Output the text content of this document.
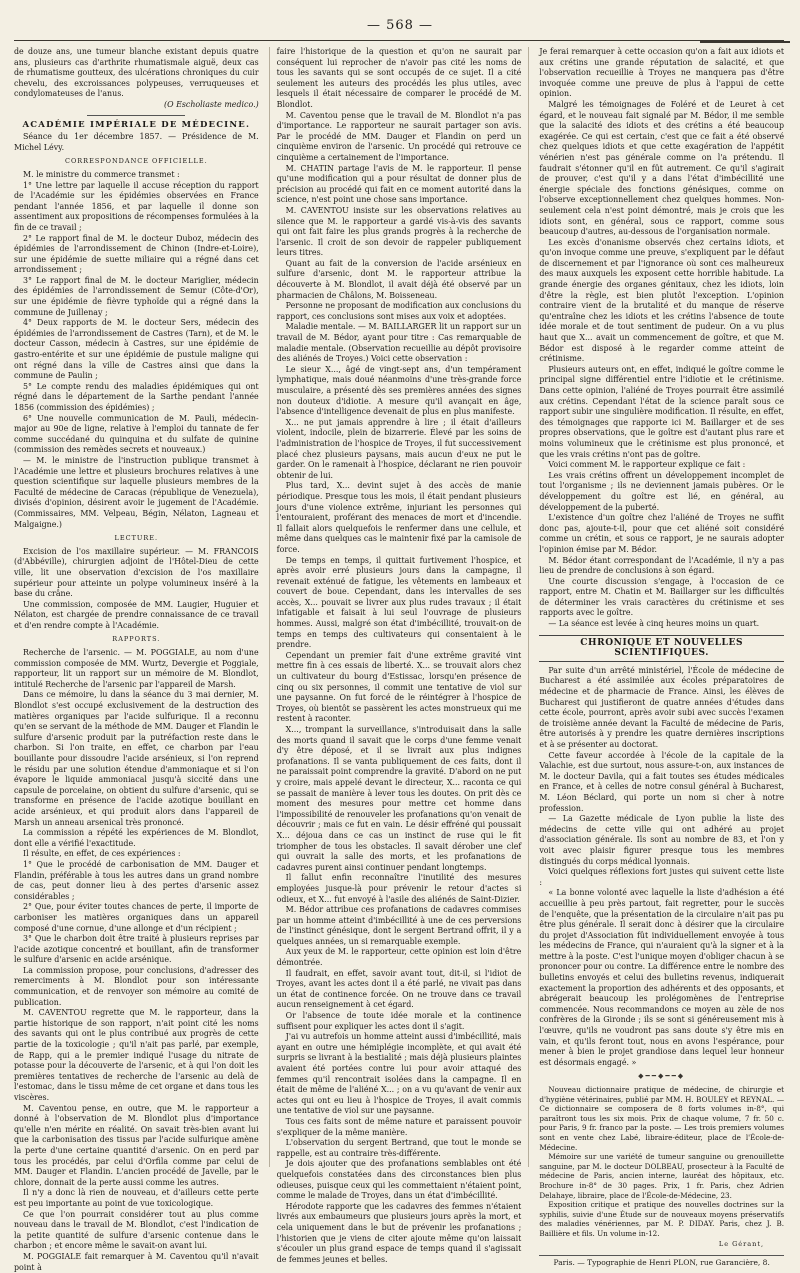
— 568 —

de douze ans, une tumeur blanche existant depuis quatre ans, plusieurs cas d'arthrite rhumatismale aiguë, deux cas de rhumatisme goutteux, des ulcérations chroniques du cuir chevelu, des excroissances polypeuses, verruqueuses et condylomateuses de l'anus.

(O Escholiaste medico.)

ACADÉMIE IMPÉRIALE DE MÉDECINE.

Séance du 1er décembre 1857. — Présidence de M. Michel Lévy.

CORRESPONDANCE OFFICIELLE.

M. le ministre du commerce transmet :

1° Une lettre par laquelle il accuse réception du rapport de l'Académie sur les épidémies observées en France pendant l'année 1856, et par laquelle il donne son assentiment aux propositions de récompenses formulées à la fin de ce travail ;

2° Le rapport final de M. le docteur Duboz, médecin des épidémies de l'arrondissement de Chinon (Indre-et-Loire), sur une épidémie de suette miliaire qui a régné dans cet arrondissement ;

3° Le rapport final de M. le docteur Mariglier, médecin des épidémies de l'arrondissement de Semur (Côte-d'Or), sur une épidémie de fièvre typhoïde qui a régné dans la commune de Juillenay ;

4° Deux rapports de M. le docteur Sers, médecin des épidémies de l'arrondissement de Castres (Tarn), et de M. le docteur Casson, médecin à Castres, sur une épidémie de gastro-entérite et sur une épidémie de pustule maligne qui ont régné dans la ville de Castres ainsi que dans la commune de Paulin ;

5° Le compte rendu des maladies épidémiques qui ont régné dans le département de la Sarthe pendant l'année 1856 (commission des épidémies) ;

6° Une nouvelle communication de M. Pauli, médecin-major au 90e de ligne, relative à l'emploi du tannate de fer comme succédané du quinquina et du sulfate de quinine (commission des remèdes secrets et nouveaux.)

— M. le ministre de l'instruction publique transmet à l'Académie une lettre et plusieurs brochures relatives à une question scientifique sur laquelle plusieurs membres de la Faculté de médecine de Caracas (république de Venezuela), divisés d'opinion, désirent avoir le jugement de l'Académie. (Commissaires, MM. Velpeau, Bégin, Nélaton, Lagneau et Malgaigne.)

LECTURE.

Excision de l'os maxillaire supérieur. — M. FRANCOIS (d'Abbéville), chirurgien adjoint de l'Hôtel-Dieu de cette ville, lit une observation d'excision de l'os maxillaire supérieur pour atteinte un polype volumineux inséré à la base du crâne.

Une commission, composée de MM. Laugier, Huguier et Nélaton, est chargée de prendre connaissance de ce travail et d'en rendre compte à l'Académie.

RAPPORTS.

Recherche de l'arsenic. — M. POGGIALE, au nom d'une commission composée de MM. Wurtz, Devergie et Poggiale, rapporteur, lit un rapport sur un mémoire de M. Blondlot, intitulé Recherche de l'arsenic par l'appareil de Marsh.

Dans ce mémoire, lu dans la séance du 3 mai dernier, M. Blondlot s'est occupé exclusivement de la destruction des matières organiques par l'acide sulfurique. Il a reconnu qu'en se servant de la méthode de MM. Dauger et Flandin le sulfure d'arsenic produit par la putréfaction reste dans le charbon. Si l'on traite, en effet, ce charbon par l'eau bouillante pour dissoudre l'acide arsénieux, si l'on reprend le résidu par une solution étendue d'ammoniaque et si l'on évapore le liquide ammoniacal jusqu'à siccité dans une capsule de porcelaine, on obtient du sulfure d'arsenic, qui se transforme en présence de l'acide azotique bouillant en acide arsénieux, et qui produit alors dans l'appareil de Marsh un anneau arsenical très prononcé.

La commission a répété les expériences de M. Blondlot, dont elle a vérifié l'exactitude.

Il résulte, en effet, de ces expériences :

1° Que le procédé de carbonisation de MM. Dauger et Flandin, préférable à tous les autres dans un grand nombre de cas, peut donner lieu à des pertes d'arsenic assez considérables ;

2° Que, pour éviter toutes chances de perte, il importe de carboniser les matières organiques dans un appareil composé d'une cornue, d'une allonge et d'un récipient ;

3° Que le charbon doit être traité à plusieurs reprises par l'acide azotique concentré et bouillant, afin de transformer le sulfure d'arsenic en acide arsénique.

La commission propose, pour conclusions, d'adresser des remerciments à M. Blondlot pour son intéressante communication, et de renvoyer son mémoire au comité de publication.

M. CAVENTOU regrette que M. le rapporteur, dans la partie historique de son rapport, n'ait point cité les noms des savants qui ont le plus contribué aux progrès de cette partie de la toxicologie ; qu'il n'ait pas parlé, par exemple, de Rapp, qui a le premier indiqué l'usage du nitrate de potasse pour la découverte de l'arsenic, et à qui l'on doit les premières tentatives de recherche de l'arsenic au delà de l'estomac, dans le tissu même de cet organe et dans tous les viscères.

M. Caventou pense, en outre, que M. le rapporteur a donné à l'observation de M. Blondlot plus d'importance qu'elle n'en mérite en réalité. On savait très-bien avant lui que la carbonisation des tissus par l'acide sulfurique amène la perte d'une certaine quantité d'arsenic. On en perd par tous les procédés, par celui d'Orfila comme par celui de MM. Dauger et Flandin. L'ancien procédé de Javelle, par le chlore, donnait de la perte aussi comme les autres.

Il n'y a donc là rien de nouveau, et d'ailleurs cette perte est peu importante au point de vue toxicologique.

Ce que l'on pourrait considérer tout au plus comme nouveau dans le travail de M. Blondlot, c'est l'indication de la petite quantité de sulfure d'arsenic contenue dans le charbon ; et encore même le savait-on avant lui.

M. POGGIALE fait remarquer à M. Caventou qu'il n'avait point à

faire l'historique de la question et qu'on ne saurait par conséquent lui reprocher de n'avoir pas cité les noms de tous les savants qui se sont occupés de ce sujet. Il a cité seulement les auteurs des procédés les plus utiles, avec lesquels il était nécessaire de comparer le procédé de M. Blondlot.

M. Caventou pense que le travail de M. Blondlot n'a pas d'importance. Le rapporteur ne saurait partager son avis. Par le procédé de MM. Dauger et Flandin on perd un cinquième environ de l'arsenic. Un procédé qui retrouve ce cinquième a certainement de l'importance.

M. CHATIN partage l'avis de M. le rapporteur. Il pense qu'une modification qui a pour résultat de donner plus de précision au procédé qui fait en ce moment autorité dans la science, n'est point une chose sans importance.

M. CAVENTOU insiste sur les observations relatives au silence que M. le rapporteur a gardé vis-à-vis des savants qui ont fait faire les plus grands progrès à la recherche de l'arsenic. Il croit de son devoir de rappeler publiquement leurs titres.

Quant au fait de la conversion de l'acide arsénieux en sulfure d'arsenic, dont M. le rapporteur attribue la découverte à M. Blondlot, il avait déjà été observé par un pharmacien de Châlons, M. Boisseneau.

Personne ne proposant de modification aux conclusions du rapport, ces conclusions sont mises aux voix et adoptées.

Maladie mentale. — M. BAILLARGER lit un rapport sur un travail de M. Bédor, ayant pour titre : Cas remarquable de maladie mentale. (Observation recueillie au dépôt provisoire des aliénés de Troyes.) Voici cette observation :

Le sieur X..., âgé de vingt-sept ans, d'un tempérament lymphatique, mais doué néanmoins d'une très-grande force musculaire, a présenté dès ses premières années des signes non douteux d'idiotie. A mesure qu'il avançait en âge, l'absence d'intelligence devenait de plus en plus manifeste.

X... ne put jamais apprendre à lire ; il était d'ailleurs violent, indocile, plein de bizarrerie. Élevé par les soins de l'administration de l'hospice de Troyes, il fut successivement placé chez plusieurs paysans, mais aucun d'eux ne put le garder. On le ramenait à l'hospice, déclarant ne rien pouvoir obtenir de lui.

Plus tard, X... devint sujet à des accès de manie périodique. Presque tous les mois, il était pendant plusieurs jours d'une violence extrême, injuriant les personnes qui l'entouraient, proférant des menaces de mort et d'incendie. Il fallait alors quelquefois le renfermer dans une cellule, et même dans quelques cas le maintenir fixé par la camisole de force.

De temps en temps, il quittait furtivement l'hospice, et après avoir erré plusieurs jours dans la campagne, il revenait exténué de fatigue, les vêtements en lambeaux et couvert de boue. Cependant, dans les intervalles de ses accès, X... pouvait se livrer aux plus rudes travaux ; il était infatigable et faisait à lui seul l'ouvrage de plusieurs hommes. Aussi, malgré son état d'imbécillité, trouvait-on de temps en temps des cultivateurs qui consentaient à le prendre.

Cependant un premier fait d'une extrême gravité vint mettre fin à ces essais de liberté. X... se trouvait alors chez un cultivateur du bourg d'Estissac, lorsqu'en présence de cinq ou six personnes, il commit une tentative de viol sur une paysanne. On fut forcé de le réintégrer à l'hospice de Troyes, où bientôt se passèrent les actes monstrueux qui me restent à raconter.

X..., trompant la surveillance, s'introduisait dans la salle des morts quand il savait que le corps d'une femme venait d'y être déposé, et il se livrait aux plus indignes profanations. Il se vanta publiquement de ces faits, dont il ne paraissait point comprendre la gravité. D'abord on ne put y croire, mais appelé devant le directeur, X... raconta ce qui se passait de manière à lever tous les doutes. On prit dès ce moment des mesures pour mettre cet homme dans l'impossibilité de renouveler les profanations qu'on venait de découvrir ; mais ce fut en vain. Le désir effréné qui poussait X... déjoua dans ce cas un instinct de ruse qui le fit triompher de tous les obstacles. Il savait dérober une clef qui ouvrait la salle des morts, et les profanations de cadavres purent ainsi continuer pendant longtemps.

Il fallut enfin reconnaître l'inutilité des mesures employées jusque-là pour prévenir le retour d'actes si odieux, et X... fut envoyé à l'asile des aliénés de Saint-Dizier.

M. Bédor attribue ces profanations de cadavres commises par un homme atteint d'imbécillité à une de ces perversions de l'instinct génésique, dont le sergent Bertrand offrit, il y a quelques années, un si remarquable exemple.

Aux yeux de M. le rapporteur, cette opinion est loin d'être démontrée.

Il faudrait, en effet, savoir avant tout, dit-il, si l'idiot de Troyes, avant les actes dont il a été parlé, ne vivait pas dans un état de continence forcée. On ne trouve dans ce travail aucun renseignement à cet égard.

Or l'absence de toute idée morale et la continence suffisent pour expliquer les actes dont il s'agit.

J'ai vu autrefois un homme atteint aussi d'imbécillité, mais ayant en outre une hémiplégie incomplète, et qui avait été surpris se livrant à la bestialité ; mais déjà plusieurs plaintes avaient été portées contre lui pour avoir attaqué des femmes qu'il rencontrait isolées dans la campagne. Il en était de même de l'aliéné X... ; on a vu qu'avant de venir aux actes qui ont eu lieu à l'hospice de Troyes, il avait commis une tentative de viol sur une paysanne.

Tous ces faits sont de même nature et paraissent pouvoir s'expliquer de la même manière.

L'observation du sergent Bertrand, que tout le monde se rappelle, est au contraire très-différente.

Je dois ajouter que des profanations semblables ont été quelquefois constatées dans des circonstances bien plus odieuses, puisque ceux qui les commettaient n'étaient point, comme le malade de Troyes, dans un état d'imbécillité.

Hérodote rapporte que les cadavres des femmes n'étaient livrés aux embaumeurs que plusieurs jours après la mort, et cela uniquement dans le but de prévenir les profanations ; l'historien que je viens de citer ajoute même qu'on laissait s'écouler un plus grand espace de temps quand il s'agissait de femmes jeunes et belles.

Je ferai remarquer à cette occasion qu'on a fait aux idiots et aux crétins une grande réputation de salacité, et que l'observation recueillie à Troyes ne manquera pas d'être invoquée comme une preuve de plus à l'appui de cette opinion.

Malgré les témoignages de Foléré et de Leuret à cet égard, et le nouveau fait signalé par M. Bédor, il me semble que la salacité des idiots et des crétins a été beaucoup exagérée. Ce qui est certain, c'est que ce fait a été observé chez quelques idiots et que cette exagération de l'appétit vénérien n'est pas générale comme on l'a prétendu. Il faudrait s'étonner qu'il en fût autrement. Ce qu'il s'agirait de prouver, c'est qu'il y a dans l'état d'imbécillité une énergie spéciale des fonctions génésiques, comme on l'observe exceptionnellement chez quelques hommes. Non-seulement cela n'est point démontré, mais je crois que les idiots sont, en général, sous ce rapport, comme sous beaucoup d'autres, au-dessous de l'organisation normale.

Les excès d'onanisme observés chez certains idiots, et qu'on invoque comme une preuve, s'expliquent par le défaut de discernement et par l'ignorance où sont ces malheureux des maux auxquels les exposent cette horrible habitude. La grande énergie des organes génitaux, chez les idiots, loin d'être la règle, est bien plutôt l'exception. L'opinion contraire vient de la brutalité et du manque de réserve qu'entraîne chez les idiots et les crétins l'absence de toute idée morale et de tout sentiment de pudeur. On a vu plus haut que X... avait un commencement de goître, et que M. Bédor est disposé à le regarder comme atteint de crétinisme.

Plusieurs auteurs ont, en effet, indiqué le goître comme le principal signe différentiel entre l'idiotie et le crétinisme. Dans cette opinion, l'aliéné de Troyes pourrait être assimilé aux crétins. Cependant l'état de la science paraît sous ce rapport subir une singulière modification. Il résulte, en effet, des témoignages que rapporte ici M. Baillarger et de ses propres observations, que le goître est d'autant plus rare et moins volumineux que le crétinisme est plus prononcé, et que les vrais crétins n'ont pas de goître.

Voici comment M. le rapporteur explique ce fait :

Les vrais crétins offrent un développement incomplet de tout l'organisme ; ils ne deviennent jamais pubères. Or le développement du goître est lié, en général, au développement de la puberté.

L'existence d'un goître chez l'aliéné de Troyes ne suffit donc pas, ajoute-t-il, pour que cet aliéné soit considéré comme un crétin, et sous ce rapport, je ne saurais adopter l'opinion émise par M. Bédor.

M. Bédor étant correspondant de l'Académie, il n'y a pas lieu de prendre de conclusions à son égard.

Une courte discussion s'engage, à l'occasion de ce rapport, entre M. Chatin et M. Baillarger sur les difficultés de déterminer les vrais caractères du crétinisme et ses rapports avec le goître.

— La séance est levée à cinq heures moins un quart.

CHRONIQUE ET NOUVELLES SCIENTIFIQUES.

Par suite d'un arrêté ministériel, l'École de médecine de Bucharest a été assimilée aux écoles préparatoires de médecine et de pharmacie de France. Ainsi, les élèves de Bucharest qui justifieront de quatre années d'études dans cette école, pourront, après avoir subi avec succès l'examen de troisième année devant la Faculté de médecine de Paris, être autorisés à y prendre les quatre dernières inscriptions et à se présenter au doctorat.

Cette faveur accordée à l'école de la capitale de la Valachie, est due surtout, nous assure-t-on, aux instances de M. le docteur Davila, qui a fait toutes ses études médicales en France, et à celles de notre consul général à Bucharest, M. Léon Béclard, qui porte un nom si cher à notre profession.

— La Gazette médicale de Lyon publie la liste des médecins de cette ville qui ont adhéré au projet d'association générale. Ils sont au nombre de 83, et l'on y voit avec plaisir figurer presque tous les membres distingués du corps médical lyonnais.

Voici quelques réflexions fort justes qui suivent cette liste :

« La bonne volonté avec laquelle la liste d'adhésion a été accueillie à peu près partout, fait regretter, pour le succès de l'enquête, que la présentation de la circulaire n'ait pas pu être plus générale. Il serait donc à désirer que la circulaire du projet d'Association fût individuellement envoyée à tous les médecins de France, qui n'auraient qu'à la signer et à la mettre à la poste. C'est l'unique moyen d'obliger chacun à se prononcer pour ou contre. La différence entre le nombre des bulletins envoyés et celui des bulletins revenus, indiquerait exactement la proportion des adhérents et des opposants, et abrégerait beaucoup les prolégomènes de l'entreprise commencée. Nous recommandons ce moyen au zèle de nos confrères de la Gironde ; ils se sont si généreusement mis à l'œuvre, qu'ils ne voudront pas sans doute s'y être mis en vain, et qu'ils feront tout, nous en avons l'espérance, pour mener à bien le projet grandiose dans lequel leur honneur est désormais engagé. »

◆━━◆━━◆

Nouveau dictionnaire pratique de médecine, de chirurgie et d'hygiène vétérinaires, publié par MM. H. BOULEY et REYNAL. — Ce dictionnaire se composera de 8 forts volumes in-8°, qui paraîtront tous les six mois. Prix de chaque volume, 7 fr. 50 c. pour Paris, 9 fr. franco par la poste. — Les trois premiers volumes sont en vente chez Labé, libraire-éditeur, place de l'École-de-Médecine.

Mémoire sur une variété de tumeur sanguine ou grenouillette sanguine, par M. le docteur DOLBEAU, prosecteur à la Faculté de médecine de Paris, ancien interne, lauréat des hôpitaux, etc. Brochure in-8° de 30 pages. Prix, 1 fr. Paris, chez Adrien Delahaye, libraire, place de l'École-de-Médecine, 23.

Exposition critique et pratique des nouvelles doctrines sur la syphilis, suivie d'une Étude sur de nouveaux moyens préservatifs des maladies vénériennes, par M. P. DIDAY. Paris, chez J. B. Baillière et fils. Un volume in-12.

Le Gérant,
Paris. — Typographie de Henri PLON, rue Garancière, 8.
